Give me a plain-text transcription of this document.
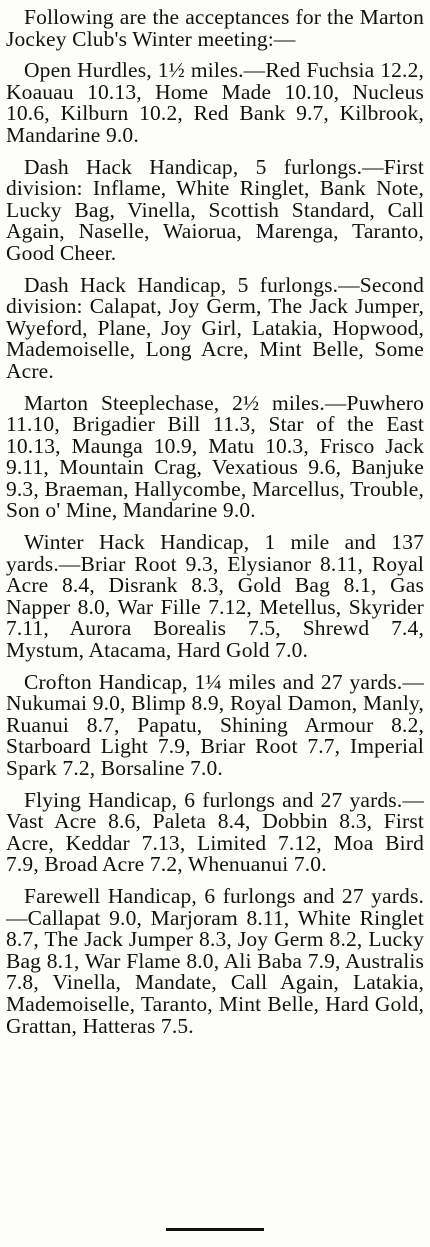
Following are the acceptances for the Marton Jockey Club's Winter meeting:—

Open Hurdles, 1½ miles.—Red Fuchsia 12.2, Koauau 10.13, Home Made 10.10, Nucleus 10.6, Kilburn 10.2, Red Bank 9.7, Kilbrook, Mandarine 9.0.

Dash Hack Handicap, 5 furlongs.—First division: Inflame, White Ringlet, Bank Note, Lucky Bag, Vinella, Scottish Standard, Call Again, Naselle, Waiorua, Marenga, Taranto, Good Cheer.

Dash Hack Handicap, 5 furlongs.—Second division: Calapat, Joy Germ, The Jack Jumper, Wyeford, Plane, Joy Girl, Latakia, Hopwood, Mademoiselle, Long Acre, Mint Belle, Some Acre.

Marton Steeplechase, 2½ miles.—Puwhero 11.10, Brigadier Bill 11.3, Star of the East 10.13, Maunga 10.9, Matu 10.3, Frisco Jack 9.11, Mountain Crag, Vexatious 9.6, Banjuke 9.3, Braeman, Hallycombe, Marcellus, Trouble, Son o' Mine, Mandarine 9.0.

Winter Hack Handicap, 1 mile and 137 yards.—Briar Root 9.3, Elysianor 8.11, Royal Acre 8.4, Disrank 8.3, Gold Bag 8.1, Gas Napper 8.0, War Fille 7.12, Metellus, Skyrider 7.11, Aurora Borealis 7.5, Shrewd 7.4, Mystum, Atacama, Hard Gold 7.0.

Crofton Handicap, 1¼ miles and 27 yards.—Nukumai 9.0, Blimp 8.9, Royal Damon, Manly, Ruanui 8.7, Papatu, Shining Armour 8.2, Starboard Light 7.9, Briar Root 7.7, Imperial Spark 7.2, Borsaline 7.0.

Flying Handicap, 6 furlongs and 27 yards.—Vast Acre 8.6, Paleta 8.4, Dobbin 8.3, First Acre, Keddar 7.13, Limited 7.12, Moa Bird 7.9, Broad Acre 7.2, Whenuanui 7.0.

Farewell Handicap, 6 furlongs and 27 yards.—Callapat 9.0, Marjoram 8.11, White Ringlet 8.7, The Jack Jumper 8.3, Joy Germ 8.2, Lucky Bag 8.1, War Flame 8.0, Ali Baba 7.9, Australis 7.8, Vinella, Mandate, Call Again, Latakia, Mademoiselle, Taranto, Mint Belle, Hard Gold, Grattan, Hatteras 7.5.
